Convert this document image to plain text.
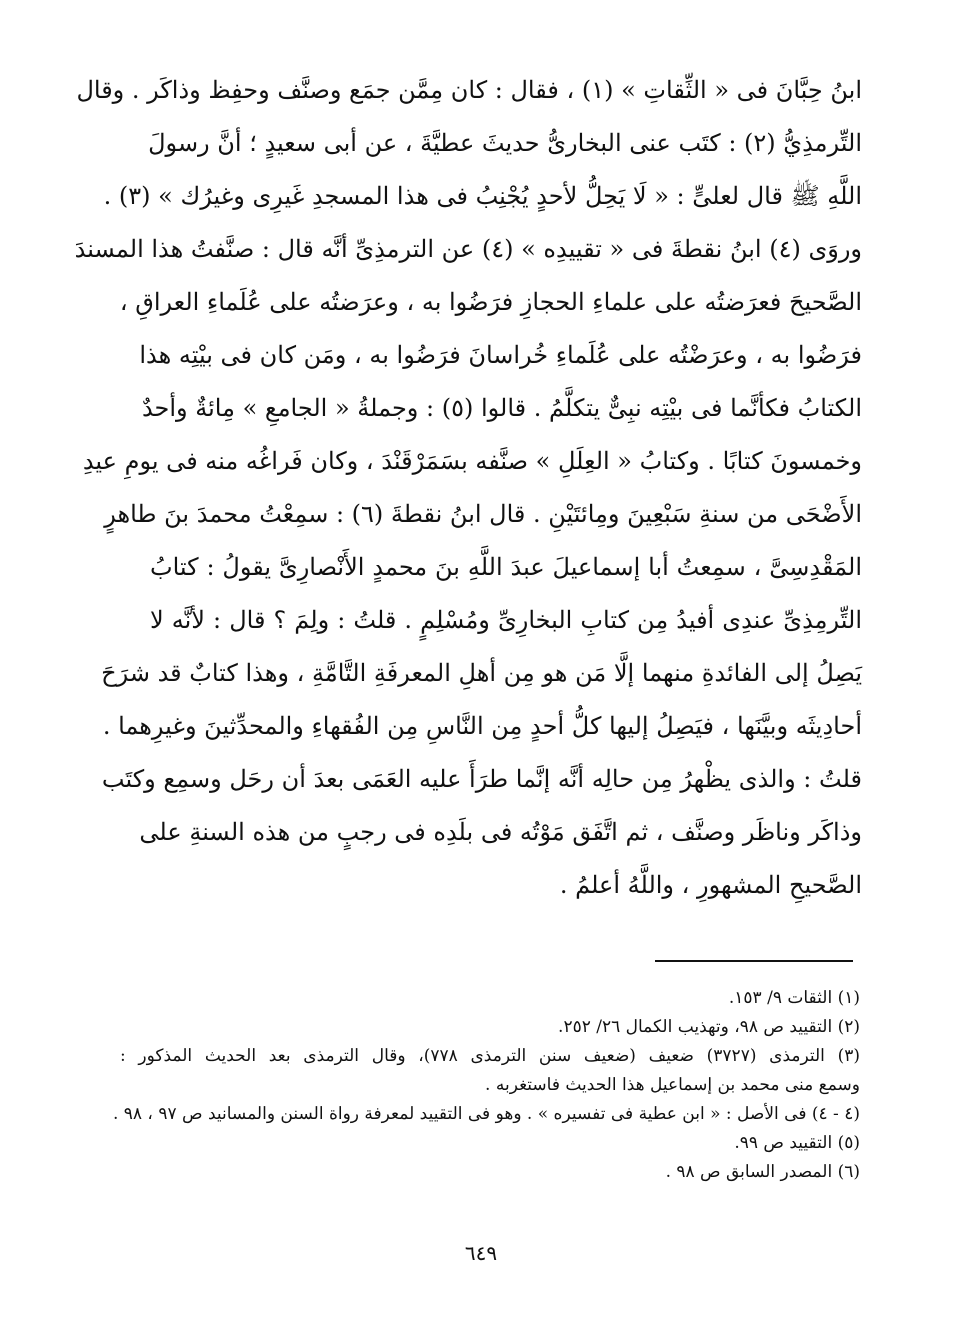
ابنُ حِبَّانَ فى « الثِّقاتِ » (١) ، فقال : كان مِمَّن جمَع وصنَّف وحفِظ وذاكَر . وقال
التِّرمذِيُّ (٢) : كتَب عنى البخارىُّ حديثَ عطيَّةَ ، عن أبى سعيدٍ ؛ أنَّ رسولَ
اللَّهِ ﷺ قال لعلىٍّ : « لَا يَحِلُّ لأحدٍ يُجْنِبُ فى هذا المسجدِ غَيرِى وغيرُك » (٣) .
وروَى (٤) ابنُ نقطةَ فى « تقييدِه » (٤) عن الترمذِىِّ أنَّه قال : صنَّفتُ هذا المسندَ
الصَّحيحَ فعرَضتُه على علماءِ الحجازِ فرَضُوا به ، وعرَضتُه على عُلَماءِ العراقِ ،
فرَضُوا به ، وعرَضْتُه على عُلَماءِ خُراسانَ فرَضُوا به ، ومَن كان فى بيْتِه هذا
الكتابُ فكأنَّما فى بيْتِه نبِىٌّ يتكلَّمُ . قالوا (٥) : وجملةُ « الجامعِ » مِائةٌ وأحدٌ
وخمسونَ كتابًا . وكتابُ « العِلَلِ » صنَّفه بسَمَرْقَنْدَ ، وكان فَراغُه منه فى يومِ عيدِ
الأَضْحَى من سنةِ سَبْعِينَ ومِائتَيْنِ . قال ابنُ نقطةَ (٦) : سمِعْتُ محمدَ بنَ طاهرٍ
المَقْدِسِىَّ ، سمِعتُ أبا إسماعيلَ عبدَ اللَّهِ بنَ محمدٍ الأَنْصارِىَّ يقولُ : كتابُ
التِّرمِذِىِّ عندِى أفيدُ مِن كتابِ البخارِىِّ ومُسْلِمٍ . قلتُ : ولِمَ ؟ قال : لأنَّه لا
يَصِلُ إلى الفائدةِ منهما إلَّا مَن هو مِن أهلِ المعرفَةِ التَّامَّةِ ، وهذا كتابٌ قد شرَحَ
أحادِيثَه وبيَّنَها ، فيَصِلُ إليها كلُّ أحدٍ مِن النَّاسِ مِن الفُقهاءِ والمحدِّثينَ وغيرِهما .
قلتُ : والذى يظْهرُ مِن حالِه أنَّه إنَّما طرَأَ عليه العَمَى بعدَ أن رحَل وسمِع وكتَب
وذاكَر وناظَر وصنَّف ، ثم اتَّفَق مَوْتُه فى بلَدِه فى رجبٍ من هذه السنةِ على
الصَّحيحِ المشهورِ ، واللَّهُ أعلمُ .
(١) الثقات ٩/ ١٥٣.
(٢) التقييد ص ٩٨، وتهذيب الكمال ٢٦/ ٢٥٢.
(٣) الترمذى (٣٧٢٧) ضعيف (ضعيف سنن الترمذى ٧٧٨)، وقال الترمذى بعد الحديث المذكور :
وسمع منى محمد بن إسماعيل هذا الحديث فاستغربه .
(٤ - ٤) فى الأصل : « ابن عطية فى تفسيره » . وهو فى التقييد لمعرفة رواة السنن والمسانيد ص ٩٧ ، ٩٨ .
(٥) التقييد ص ٩٩.
(٦) المصدر السابق ص ٩٨ .
٦٤٩
